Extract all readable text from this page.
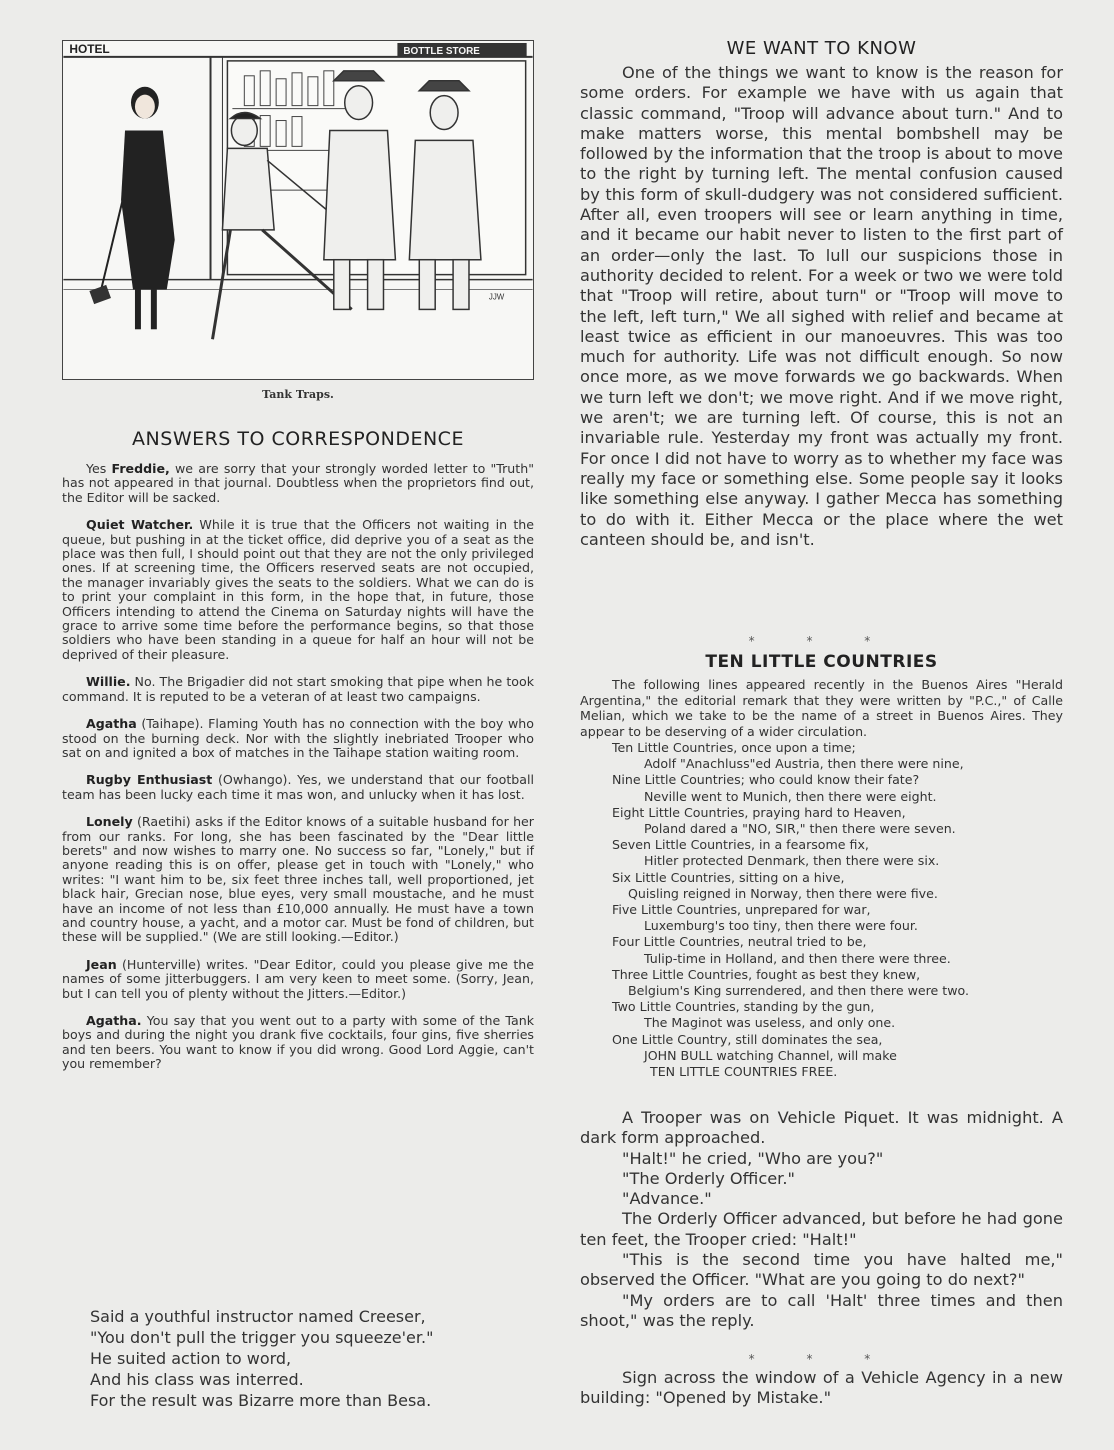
HOTEL	BOTTLE STORE
JJW
Tank Traps.
ANSWERS TO CORRESPONDENCE

Yes Freddie, we are sorry that your strongly worded letter to "Truth" has not appeared in that journal. Doubtless when the proprietors find out, the Editor will be sacked.

Quiet Watcher. While it is true that the Officers not waiting in the queue, but pushing in at the ticket office, did deprive you of a seat as the place was then full, I should point out that they are not the only privileged ones. If at screening time, the Officers reserved seats are not occupied, the manager invariably gives the seats to the soldiers. What we can do is to print your complaint in this form, in the hope that, in future, those Officers intending to attend the Cinema on Saturday nights will have the grace to arrive some time before the performance begins, so that those soldiers who have been standing in a queue for half an hour will not be deprived of their pleasure.

Willie. No. The Brigadier did not start smoking that pipe when he took command. It is reputed to be a veteran of at least two campaigns.

Agatha (Taihape). Flaming Youth has no connection with the boy who stood on the burning deck. Nor with the slightly inebriated Trooper who sat on and ignited a box of matches in the Taihape station waiting room.

Rugby Enthusiast (Owhango). Yes, we understand that our football team has been lucky each time it mas won, and unlucky when it has lost.

Lonely (Raetihi) asks if the Editor knows of a suitable husband for her from our ranks. For long, she has been fascinated by the "Dear little berets" and now wishes to marry one. No success so far, "Lonely," but if anyone reading this is on offer, please get in touch with "Lonely," who writes: "I want him to be, six feet three inches tall, well proportioned, jet black hair, Grecian nose, blue eyes, very small moustache, and he must have an income of not less than £10,000 annually. He must have a town and country house, a yacht, and a motor car. Must be fond of children, but these will be supplied." (We are still looking.—Editor.)

Jean (Hunterville) writes. "Dear Editor, could you please give me the names of some jitterbuggers. I am very keen to meet some. (Sorry, Jean, but I can tell you of plenty without the Jitters.—Editor.)

Agatha. You say that you went out to a party with some of the Tank boys and during the night you drank five cocktails, four gins, five sherries and ten beers. You want to know if you did wrong. Good Lord Aggie, can't you remember?

Said a youthful instructor named Creeser,
"You don't pull the trigger you squeeze'er."
He suited action to word,
And his class was interred.
For the result was Bizarre more than Besa.
WE WANT TO KNOW

One of the things we want to know is the reason for some orders. For example we have with us again that classic command, "Troop will advance about turn." And to make matters worse, this mental bombshell may be followed by the information that the troop is about to move to the right by turning left. The mental confusion caused by this form of skull-dudgery was not considered sufficient. After all, even troopers will see or learn anything in time, and it became our habit never to listen to the first part of an order—only the last. To lull our suspicions those in authority decided to relent. For a week or two we were told that "Troop will retire, about turn" or "Troop will move to the left, left turn," We all sighed with relief and became at least twice as efficient in our manoeuvres. This was too much for authority. Life was not difficult enough. So now once more, as we move forwards we go backwards. When we turn left we don't; we move right. And if we move right, we aren't; we are turning left. Of course, this is not an invariable rule. Yesterday my front was actually my front. For once I did not have to worry as to whether my face was really my face or something else. Some people say it looks like something else anyway. I gather Mecca has something to do with it. Either Mecca or the place where the wet canteen should be, and isn't.

* * *
TEN LITTLE COUNTRIES

The following lines appeared recently in the Buenos Aires "Herald Argentina," the editorial remark that they were written by "P.C.," of Calle Melian, which we take to be the name of a street in Buenos Aires. They appear to be deserving of a wider circulation.

Ten Little Countries, once upon a time;
Adolf "Anachluss"ed Austria, then there were nine,
Nine Little Countries; who could know their fate?
Neville went to Munich, then there were eight.
Eight Little Countries, praying hard to Heaven,
Poland dared a "NO, SIR," then there were seven.
Seven Little Countries, in a fearsome fix,
Hitler protected Denmark, then there were six.
Six Little Countries, sitting on a hive,
Quisling reigned in Norway, then there were five.
Five Little Countries, unprepared for war,
Luxemburg's too tiny, then there were four.
Four Little Countries, neutral tried to be,
Tulip-time in Holland, and then there were three.
Three Little Countries, fought as best they knew,
Belgium's King surrendered, and then there were two.
Two Little Countries, standing by the gun,
The Maginot was useless, and only one.
One Little Country, still dominates the sea,
JOHN BULL watching Channel, will make
TEN LITTLE COUNTRIES FREE.

A Trooper was on Vehicle Piquet. It was midnight. A dark form approached.

"Halt!" he cried, "Who are you?"

"The Orderly Officer."

"Advance."

The Orderly Officer advanced, but before he had gone ten feet, the Trooper cried: "Halt!"

"This is the second time you have halted me," observed the Officer. "What are you going to do next?"

"My orders are to call 'Halt' three times and then shoot," was the reply.

* * *

Sign across the window of a Vehicle Agency in a new building: "Opened by Mistake."
